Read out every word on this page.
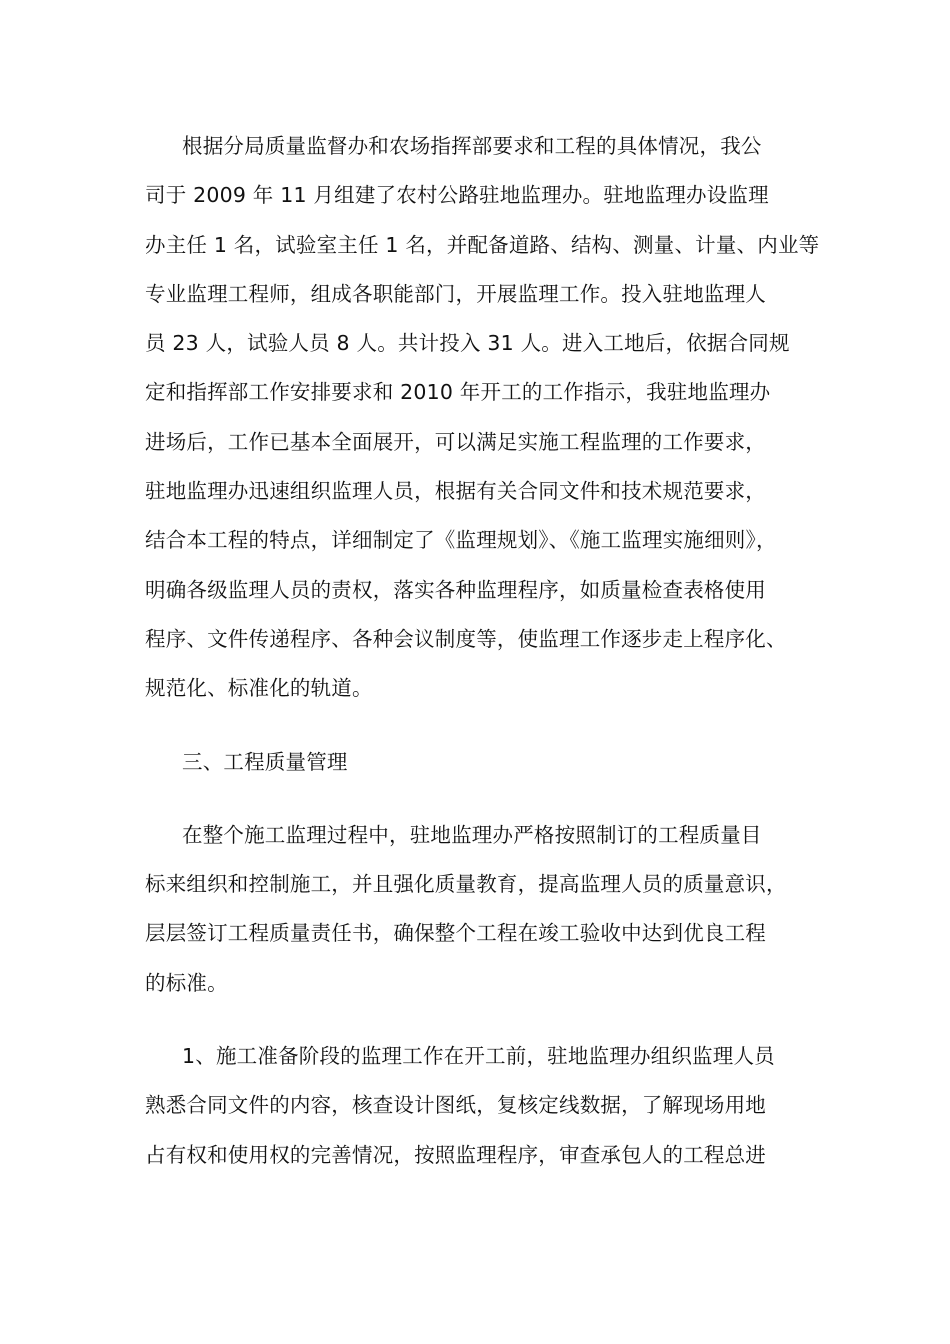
根据分局质量监督办和农场指挥部要求和工程的具体情况，我公
司于 2009 年 11 月组建了农村公路驻地监理办。驻地监理办设监理
办主任 1 名，试验室主任 1 名，并配备道路、结构、测量、计量、内业等
专业监理工程师，组成各职能部门，开展监理工作。投入驻地监理人
员 23 人，试验人员 8 人。共计投入 31 人。进入工地后，依据合同规
定和指挥部工作安排要求和 2010 年开工的工作指示，我驻地监理办
进场后，工作已基本全面展开，可以满足实施工程监理的工作要求，
驻地监理办迅速组织监理人员，根据有关合同文件和技术规范要求，
结合本工程的特点，详细制定了《监理规划》、《施工监理实施细则》，
明确各级监理人员的责权，落实各种监理程序，如质量检查表格使用
程序、文件传递程序、各种会议制度等，使监理工作逐步走上程序化、
规范化、标准化的轨道。
三、工程质量管理
在整个施工监理过程中，驻地监理办严格按照制订的工程质量目
标来组织和控制施工，并且强化质量教育，提高监理人员的质量意识，
层层签订工程质量责任书，确保整个工程在竣工验收中达到优良工程
的标准。
1、施工准备阶段的监理工作在开工前，驻地监理办组织监理人员
熟悉合同文件的内容，核查设计图纸，复核定线数据，了解现场用地
占有权和使用权的完善情况，按照监理程序，审查承包人的工程总进
